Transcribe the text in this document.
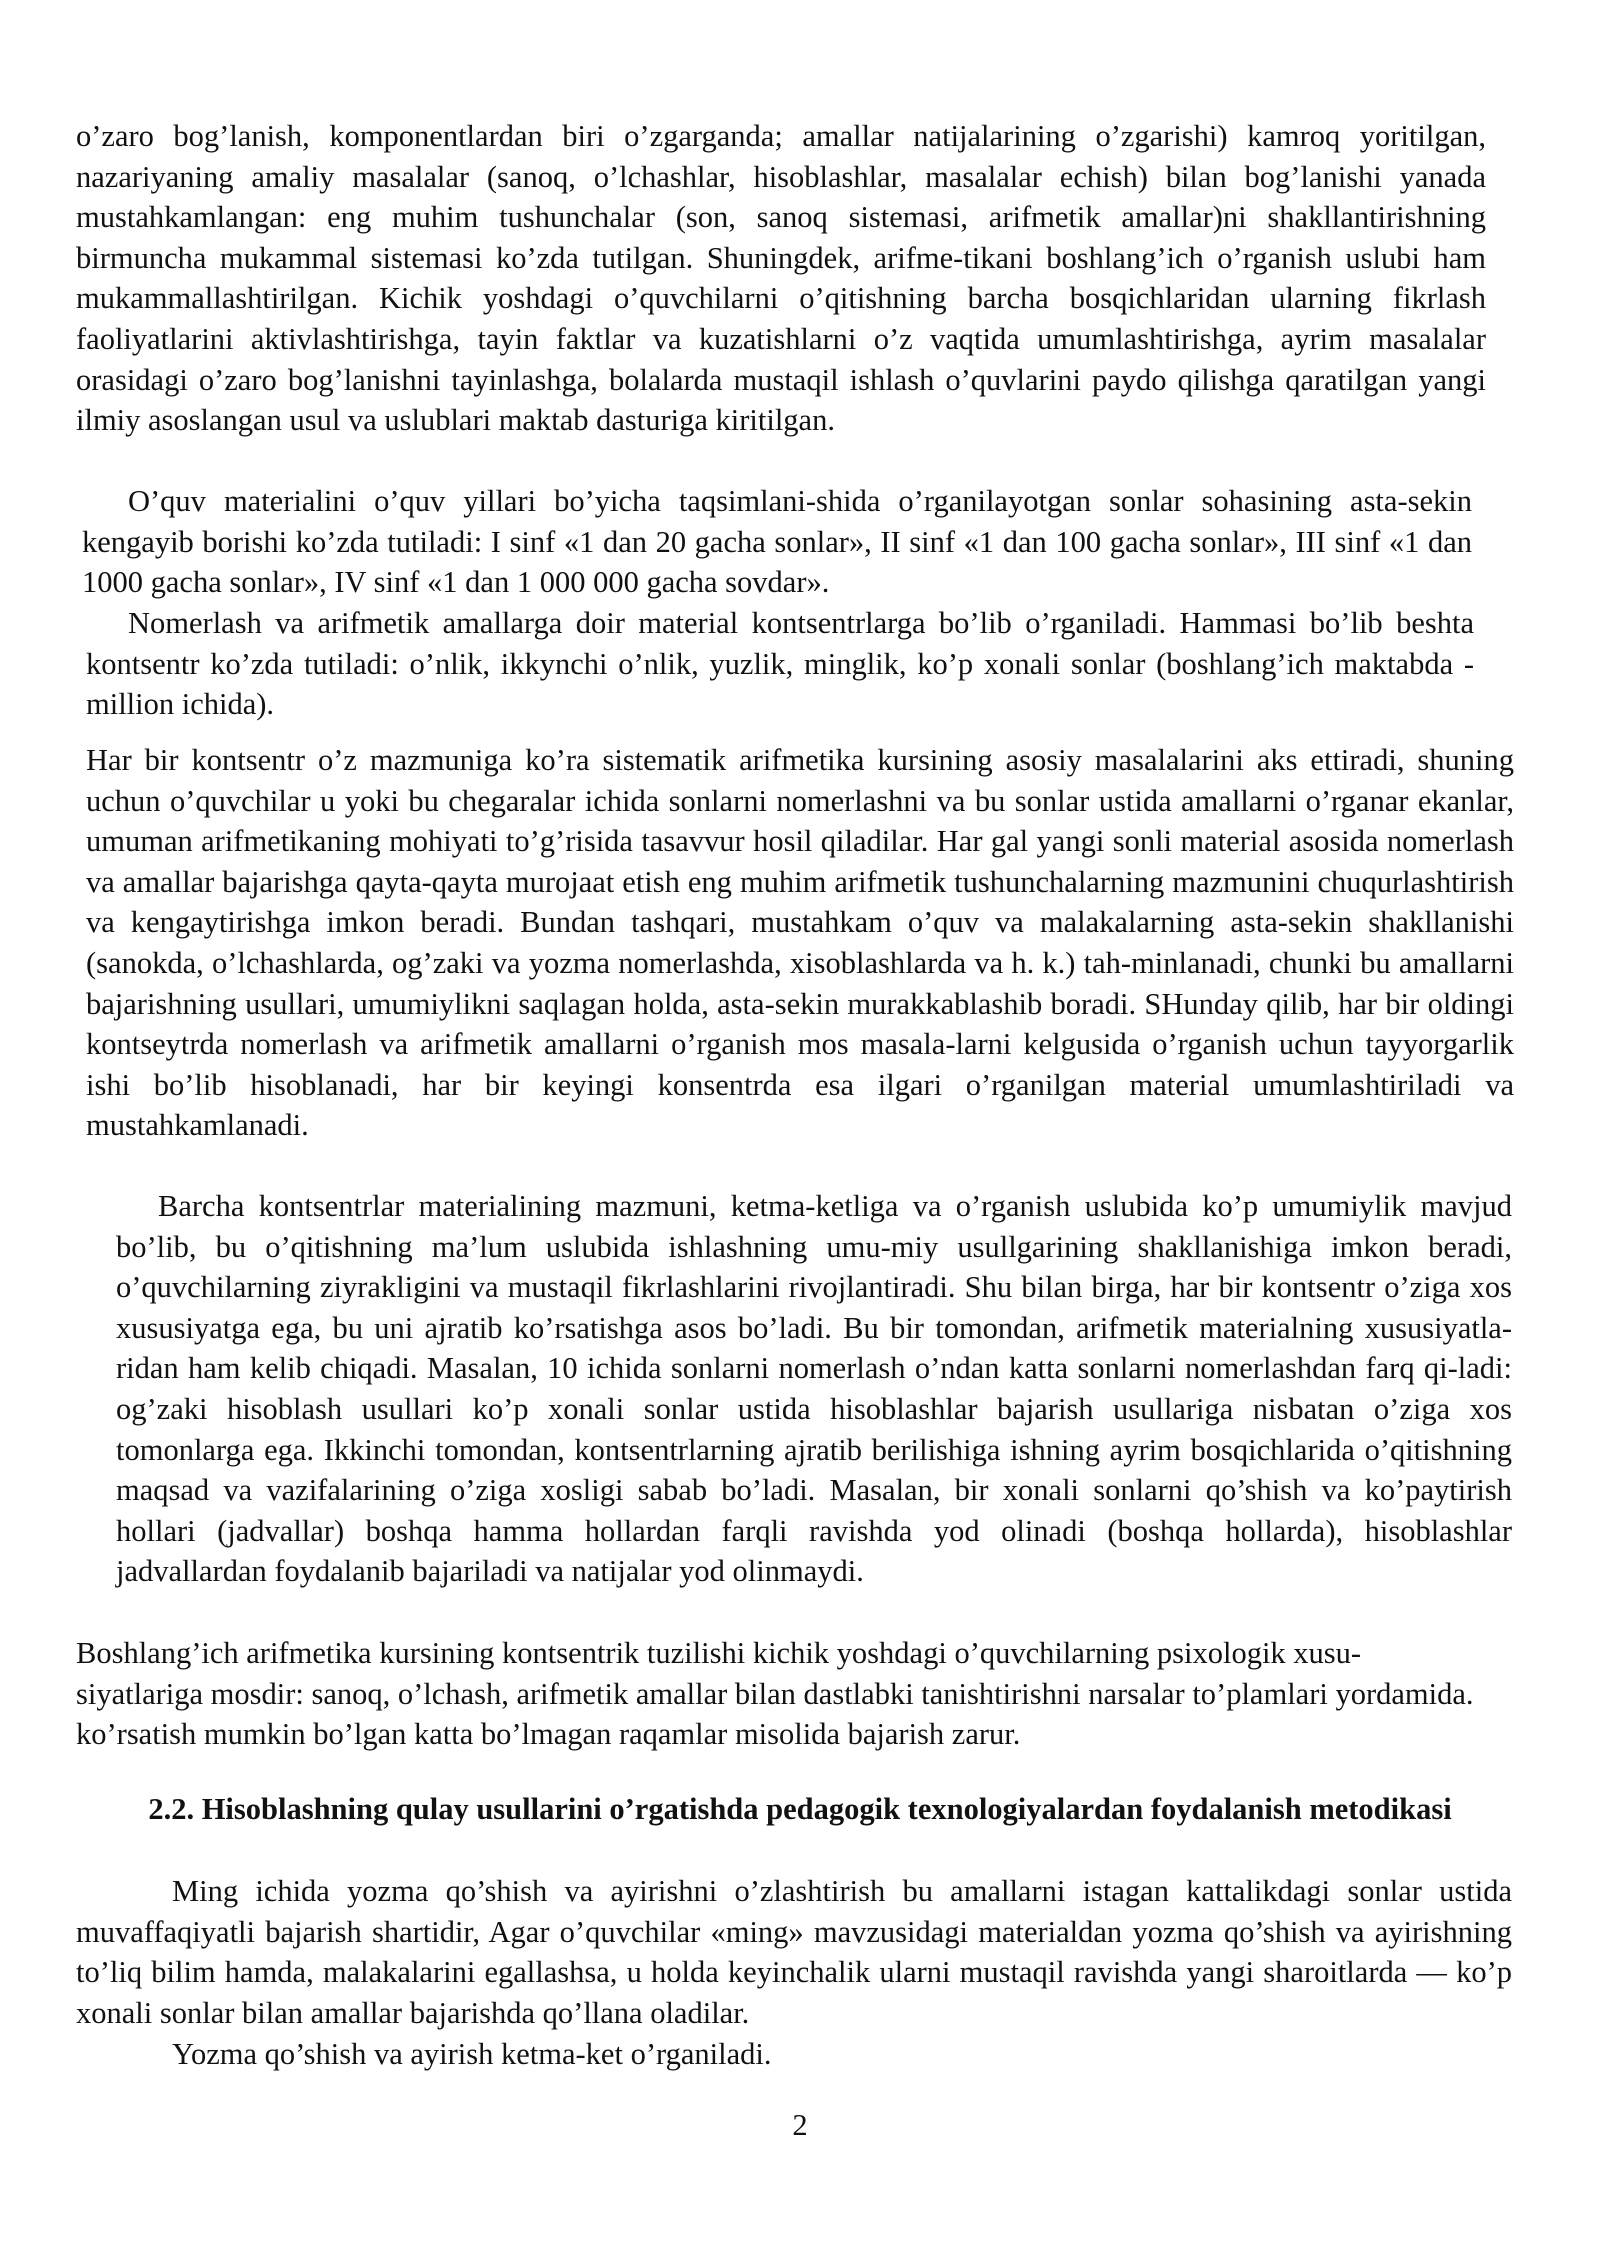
o’zaro bog’lanish, komponentlardan biri o’zgarganda; amallar natijalarining o’zgarishi) kamroq yoritilgan, nazariyaning amaliy masalalar (sanoq, o’lchashlar, hisoblashlar, masalalar echish) bilan bog’lanishi yanada mustahkamlangan: eng muhim tushunchalar (son, sanoq sistemasi, arifmetik amallar)ni shakllantirishning birmuncha mukammal sistemasi ko’zda tutilgan. Shuningdek, arifme-tikani boshlang’ich o’rganish uslubi ham mukammallashtirilgan. Kichik yoshdagi o’quvchilarni o’qitishning barcha bosqichlaridan ularning fikrlash faoliyatlarini aktivlashtirishga, tayin faktlar va kuzatishlarni o’z vaqtida umumlashtirishga, ayrim masalalar orasidagi o’zaro bog’lanishni tayinlashga, bolalarda mustaqil ishlash o’quvlarini paydo qilishga qaratilgan yangi ilmiy asoslangan usul va uslublari maktab dasturiga kiritilgan.

O’quv materialini o’quv yillari bo’yicha taqsimlani-shida o’rganilayotgan sonlar sohasining asta-sekin kengayib borishi ko’zda tutiladi: I sinf «1 dan 20 gacha sonlar», II sinf «1 dan 100 gacha sonlar», III sinf «1 dan 1000 gacha sonlar», IV sinf «1 dan 1 000 000 gacha sovdar».

Nomerlash va arifmetik amallarga doir material kontsentrlarga bo’lib o’rganiladi. Hammasi bo’lib beshta kontsentr ko’zda tutiladi: o’nlik, ikkynchi o’nlik, yuzlik, minglik, ko’p xonali sonlar (boshlang’ich maktabda - million ichida).

Har bir kontsentr o’z mazmuniga ko’ra sistematik arifmetika kursining asosiy masalalarini aks ettiradi, shuning uchun o’quvchilar u yoki bu chegaralar ichida sonlarni nomerlashni va bu sonlar ustida amallarni o’rganar ekanlar, umuman arifmetikaning mohiyati to’g’risida tasavvur hosil qiladilar. Har gal yangi sonli material asosida nomerlash va amallar bajarishga qayta-qayta murojaat etish eng muhim arifmetik tushunchalarning mazmunini chuqurlashtirish va kengaytirishga imkon beradi. Bundan tashqari, mustahkam o’quv va malakalarning asta-sekin shakllanishi (sanokda, o’lchashlarda, og’zaki va yozma nomerlashda, xisoblashlarda va h. k.) tah-minlanadi, chunki bu amallarni bajarishning usullari, umumiylikni saqlagan holda, asta-sekin murakkablashib boradi. SHunday qilib, har bir oldingi kontseytrda nomerlash va arifmetik amallarni o’rganish mos masala-larni kelgusida o’rganish uchun tayyorgarlik ishi bo’lib hisoblanadi, har bir keyingi konsentrda esa ilgari o’rganilgan material umumlashtiriladi va mustahkamlanadi.

Barcha kontsentrlar materialining mazmuni, ketma-ketliga va o’rganish uslubida ko’p umumiylik mavjud bo’lib, bu o’qitishning ma’lum uslubida ishlashning umu-miy usullgarining shakllanishiga imkon beradi, o’quvchilarning ziyrakligini va mustaqil fikrlashlarini rivojlantiradi. Shu bilan birga, har bir kontsentr o’ziga xos xususiyatga ega, bu uni ajratib ko’rsatishga asos bo’ladi. Bu bir tomondan, arifmetik materialning xususiyatla-ridan ham kelib chiqadi. Masalan, 10 ichida sonlarni nomerlash o’ndan katta sonlarni nomerlashdan farq qi-ladi: og’zaki hisoblash usullari ko’p xonali sonlar ustida hisoblashlar bajarish usullariga nisbatan o’ziga xos tomonlarga ega. Ikkinchi tomondan, kontsentrlarning ajratib berilishiga ishning ayrim bosqichlarida o’qitishning maqsad va vazifalarining o’ziga xosligi sabab bo’ladi. Masalan, bir xonali sonlarni qo’shish va ko’paytirish hollari (jadvallar) boshqa hamma hollardan farqli ravishda yod olinadi (boshqa hollarda), hisoblashlar jadvallardan foydalanib bajariladi va natijalar yod olinmaydi.

Boshlang’ich arifmetika kursining kontsentrik tuzilishi kichik yoshdagi o’quvchilarning psixologik xususiyatlariga mosdir: sanoq, o’lchash, arifmetik amallar bilan dastlabki tanishtirishni narsalar to’plamlari yordamida. ko’rsatish mumkin bo’lgan katta bo’lmagan raqamlar misolida bajarish zarur.

2.2. Hisoblashning qulay usullarini o’rgatishda pedagogik texnologiyalardan foydalanish metodikasi

Ming ichida yozma qo’shish va ayirishni o’zlashtirish bu amallarni istagan kattalikdagi sonlar ustida muvaffaqiyatli bajarish shartidir, Agar o’quvchilar «ming» mavzusidagi materialdan yozma qo’shish va ayirishning to’liq bilim hamda, malakalarini egallashsa, u holda keyinchalik ularni mustaqil ravishda yangi sharoitlarda — ko’p xonali sonlar bilan amallar bajarishda qo’llana oladilar.

Yozma qo’shish va ayirish ketma-ket o’rganiladi.

2
